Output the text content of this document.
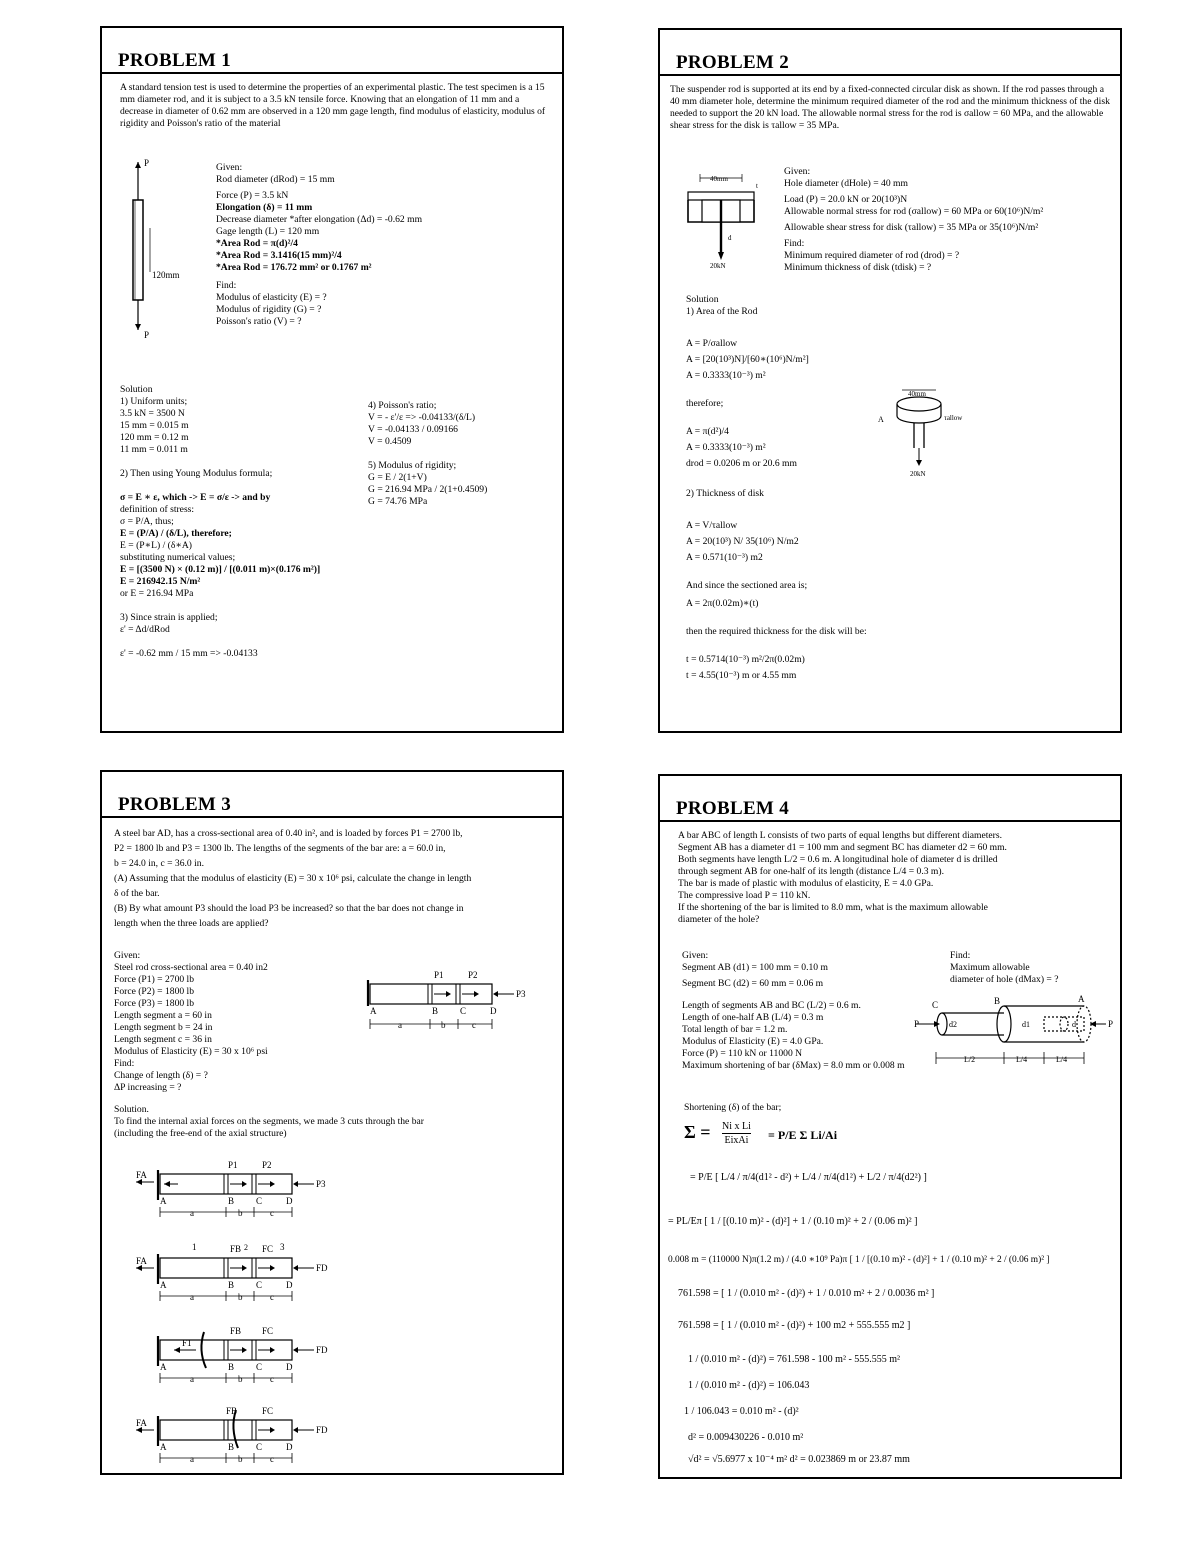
PROBLEM 1
A standard tension test is used to determine the properties of an experimental plastic. The test specimen is a 15 mm diameter rod, and it is subject to a 3.5 kN tensile force. Knowing that an elongation of 11 mm and a decrease in diameter of 0.62 mm are observed in a 120 mm gage length, find modulus of elasticity, modulus of rigidity and Poisson's ratio of the material
P
P
120mm
Given:
Rod diameter (dRod) = 15 mm
Force (P) = 3.5 kN
Elongation (δ) = 11 mm
Decrease diameter *after elongation (Δd) = -0.62 mm
Gage length (L) = 120 mm
*Area Rod = π(d)²/4
*Area Rod = 3.1416(15 mm)²/4
*Area Rod = 176.72 mm² or 0.1767 m²
Find:
Modulus of elasticity (E) = ?
Modulus of rigidity (G) = ?
Poisson's ratio (V) = ?
Solution
1) Uniform units;
3.5 kN = 3500 N
15 mm = 0.015 m
120 mm = 0.12 m
11 mm = 0.011 m
2) Then using Young Modulus formula;
σ = E ∗ ε, which -> E = σ/ε -> and by
definition of stress:
σ = P/A, thus;
E = (P/A) / (δ/L), therefore;
E = (P∗L) / (δ∗A)
substituting numerical values;
E = [(3500 N) × (0.12 m)] / [(0.011 m)×(0.176 m²)]
E = 216942.15 N/m²
or E = 216.94 MPa
3) Since strain is applied;
ε' = Δd/dRod
ε' = -0.62 mm / 15 mm => -0.04133
4) Poisson's ratio;
V = - ε'/ε => -0.04133/(δ/L)
V = -0.04133 / 0.09166
V = 0.4509
5) Modulus of rigidity;
G = E / 2(1+V)
G = 216.94 MPa / 2(1+0.4509)
G = 74.76 MPa
PROBLEM 2
The suspender rod is supported at its end by a fixed-connected circular disk as shown. If the rod passes through a 40 mm diameter hole, determine the minimum required diameter of the rod and the minimum thickness of the disk needed to support the 20 kN load. The allowable normal stress for the rod is σallow = 60 MPa, and the allowable shear stress for the disk is τallow = 35 MPa.
40mm
t
d
20kN
Given:
Hole diameter (dHole) = 40 mm
Load (P) = 20.0 kN or 20(10³)N
Allowable normal stress for rod (σallow) = 60 MPa or 60(10⁶)N/m²
Allowable shear stress for disk (τallow) = 35 MPa or 35(10⁶)N/m²
Find:
Minimum required diameter of rod (drod) = ?
Minimum thickness of disk (tdisk) = ?
Solution
1) Area of the Rod
A = P/σallow
A = [20(10³)N]/[60∗(10⁶)N/m²]
A = 0.3333(10⁻³) m²
therefore;
A = π(d²)/4
A = 0.3333(10⁻³) m²
drod = 0.0206 m or 20.6 mm
2) Thickness of disk
A = V/τallow
A = 20(10³) N/ 35(10⁶) N/m2
A = 0.571(10⁻³) m2
And since the sectioned area is;
A = 2π(0.02m)∗(t)
then the required thickness for the disk will be:
t = 0.5714(10⁻³) m²/2π(0.02m)
t = 4.55(10⁻³) m or 4.55 mm
40mm
A	τallow
20kN
PROBLEM 3
A steel bar AD, has a cross-sectional area of 0.40 in², and is loaded by forces P1 = 2700 lb,
P2 = 1800 lb and P3 = 1300 lb. The lengths of the segments of the bar are: a = 60.0 in,
b = 24.0 in, c = 36.0 in.
(A) Assuming that the modulus of elasticity (E) = 30 x 10⁶ psi, calculate the change in length
δ of the bar.
(B) By what amount P3 should the load P3 be increased? so that the bar does not change in
length when the three loads are applied?
Given:
Steel rod cross-sectional area = 0.40 in2
Force (P1) = 2700 lb
Force (P2) = 1800 lb
Force (P3) = 1800 lb
Length segment a = 60 in
Length segment b = 24 in
Length segment c = 36 in
Modulus of Elasticity (E) = 30 x 10⁶ psi
Find:
Change of length (δ) = ?
ΔP increasing = ?
Solution.
To find the internal axial forces on the segments, we made 3 cuts through the bar
(including the free-end of the axial structure)
P1	P2
P3
A	B C	D
a	b	c
P1	P2
P3
FA
A	B C	D
a	b	c
1	FB 2 FC 3
FD
FA
A	B C	D
a	b	c
F1
FB FC
FD
A	B C	D
a	b	c
FB	FC
FD
FA
A	B C	D
a	b	c
PROBLEM 4
A bar ABC of length L consists of two parts of equal lengths but different diameters.
Segment AB has a diameter d1 = 100 mm and segment BC has diameter d2 = 60 mm.
Both segments have length L/2 = 0.6 m. A longitudinal hole of diameter d is drilled
through segment AB for one-half of its length (distance L/4 = 0.3 m).
The bar is made of plastic with modulus of elasticity, E = 4.0 GPa.
The compressive load P = 110 kN.
If the shortening of the bar is limited to 8.0 mm, what is the maximum allowable
diameter of the hole?
Given:
Segment AB (d1) = 100 mm = 0.10 m
Segment BC (d2) = 60 mm = 0.06 m
Length of segments AB and BC (L/2) = 0.6 m.
Length of one-half AB (L/4) = 0.3 m
Total length of bar = 1.2 m.
Modulus of Elasticity (E) = 4.0 GPa.
Force (P) = 110 kN or 11000 N
Maximum shortening of bar (δMax) = 8.0 mm or 0.008 m
Find:
Maximum allowable
diameter of hole (dMax) = ?
P
P
C	B	A
d2	d1	d
L/2	L/4	L/4
Shortening (δ) of the bar;
Σ = Ni x Li
EixAi = P/E Σ Li/Ai
= P/E [ L/4 / π/4(d1² - d²) + L/4 / π/4(d1²) + L/2 / π/4(d2²) ]
= PL/Eπ [ 1 / [(0.10 m)² - (d)²] + 1 / (0.10 m)² + 2 / (0.06 m)² ]
0.008 m = (110000 N)π(1.2 m) / (4.0 ∗10⁹ Pa)π [ 1 / [(0.10 m)² - (d)²] + 1 / (0.10 m)² + 2 / (0.06 m)² ]
761.598 = [ 1 / (0.010 m² - (d)²) + 1 / 0.010 m² + 2 / 0.0036 m² ]
761.598 = [ 1 / (0.010 m² - (d)²) + 100 m2 + 555.555 m2 ]
1 / (0.010 m² - (d)²) = 761.598 - 100 m² - 555.555 m²
1 / (0.010 m² - (d)²) = 106.043
1 / 106.043 = 0.010 m² - (d)²
d² = 0.009430226 - 0.010 m²
√d² = √5.6977 x 10⁻⁴ m² d² = 0.023869 m or 23.87 mm
